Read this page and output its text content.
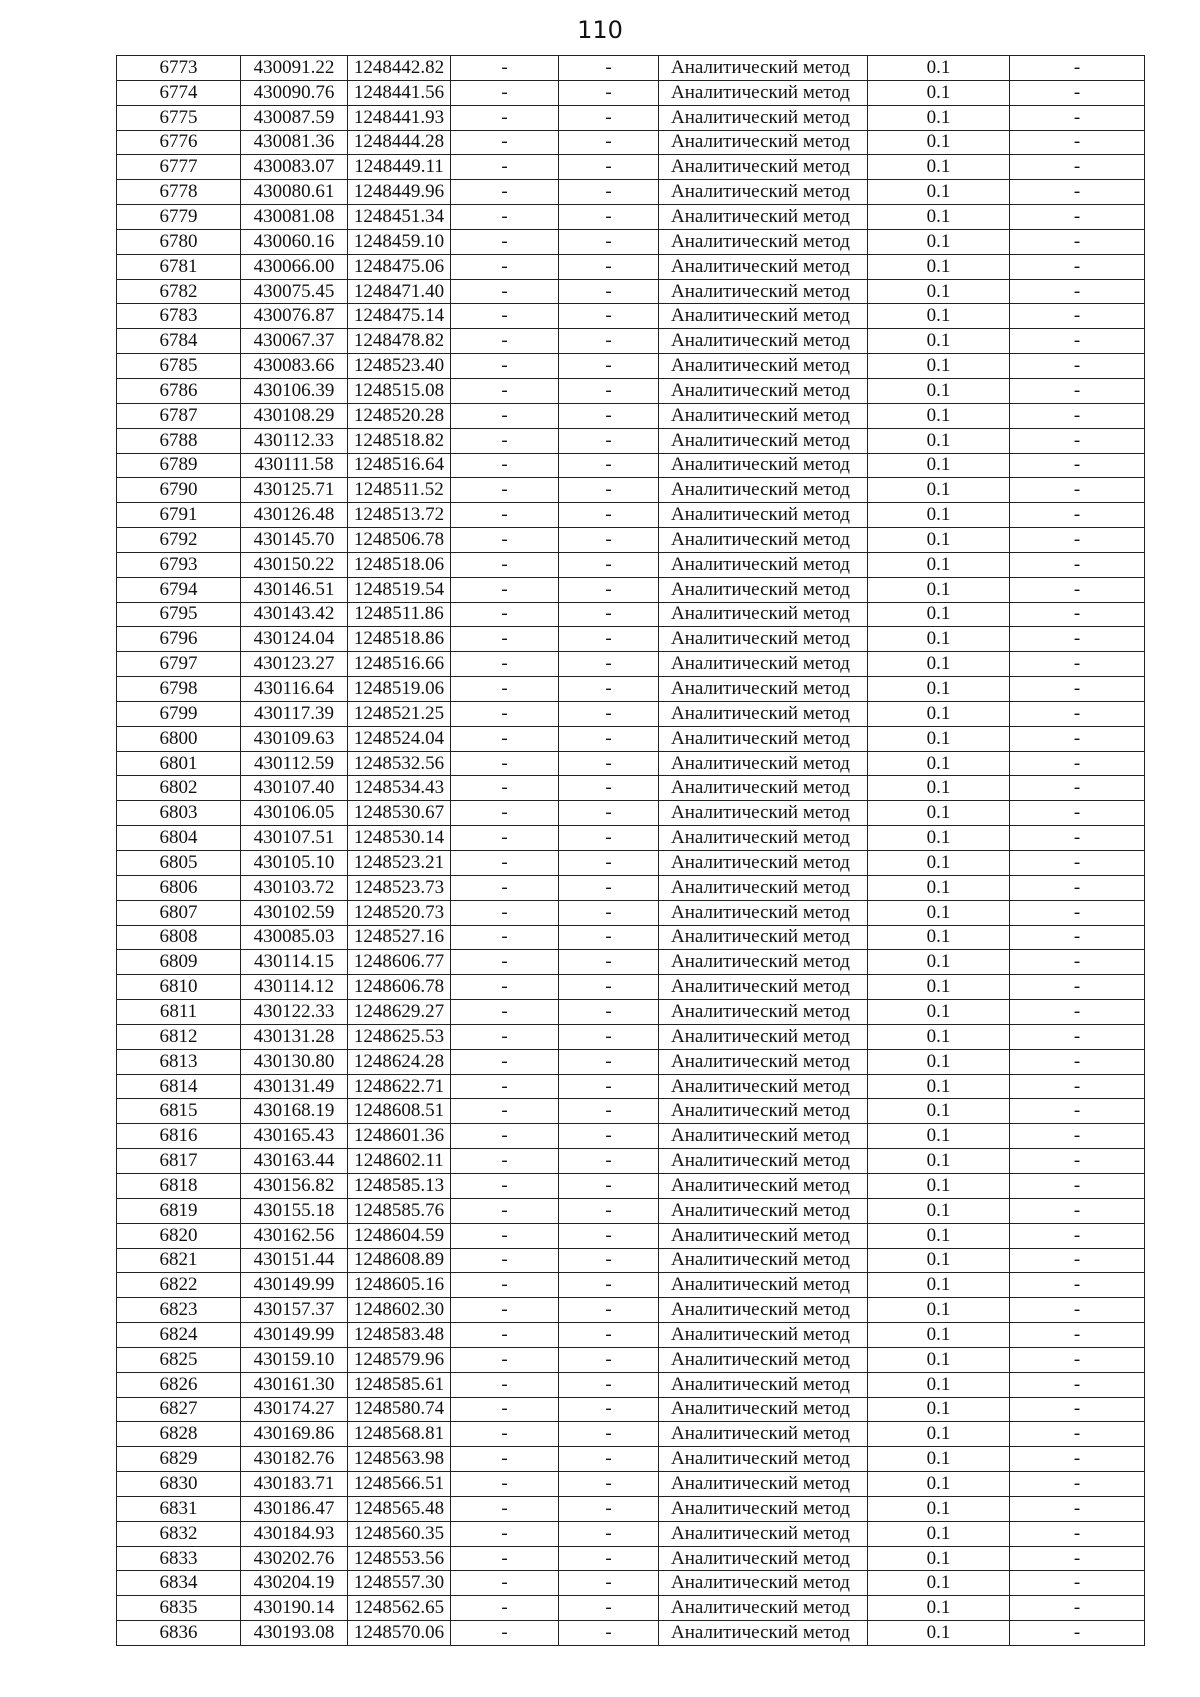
110
6773	430091.22	1248442.82	-	-	Аналитический метод	0.1	-
6774	430090.76	1248441.56	-	-	Аналитический метод	0.1	-
6775	430087.59	1248441.93	-	-	Аналитический метод	0.1	-
6776	430081.36	1248444.28	-	-	Аналитический метод	0.1	-
6777	430083.07	1248449.11	-	-	Аналитический метод	0.1	-
6778	430080.61	1248449.96	-	-	Аналитический метод	0.1	-
6779	430081.08	1248451.34	-	-	Аналитический метод	0.1	-
6780	430060.16	1248459.10	-	-	Аналитический метод	0.1	-
6781	430066.00	1248475.06	-	-	Аналитический метод	0.1	-
6782	430075.45	1248471.40	-	-	Аналитический метод	0.1	-
6783	430076.87	1248475.14	-	-	Аналитический метод	0.1	-
6784	430067.37	1248478.82	-	-	Аналитический метод	0.1	-
6785	430083.66	1248523.40	-	-	Аналитический метод	0.1	-
6786	430106.39	1248515.08	-	-	Аналитический метод	0.1	-
6787	430108.29	1248520.28	-	-	Аналитический метод	0.1	-
6788	430112.33	1248518.82	-	-	Аналитический метод	0.1	-
6789	430111.58	1248516.64	-	-	Аналитический метод	0.1	-
6790	430125.71	1248511.52	-	-	Аналитический метод	0.1	-
6791	430126.48	1248513.72	-	-	Аналитический метод	0.1	-
6792	430145.70	1248506.78	-	-	Аналитический метод	0.1	-
6793	430150.22	1248518.06	-	-	Аналитический метод	0.1	-
6794	430146.51	1248519.54	-	-	Аналитический метод	0.1	-
6795	430143.42	1248511.86	-	-	Аналитический метод	0.1	-
6796	430124.04	1248518.86	-	-	Аналитический метод	0.1	-
6797	430123.27	1248516.66	-	-	Аналитический метод	0.1	-
6798	430116.64	1248519.06	-	-	Аналитический метод	0.1	-
6799	430117.39	1248521.25	-	-	Аналитический метод	0.1	-
6800	430109.63	1248524.04	-	-	Аналитический метод	0.1	-
6801	430112.59	1248532.56	-	-	Аналитический метод	0.1	-
6802	430107.40	1248534.43	-	-	Аналитический метод	0.1	-
6803	430106.05	1248530.67	-	-	Аналитический метод	0.1	-
6804	430107.51	1248530.14	-	-	Аналитический метод	0.1	-
6805	430105.10	1248523.21	-	-	Аналитический метод	0.1	-
6806	430103.72	1248523.73	-	-	Аналитический метод	0.1	-
6807	430102.59	1248520.73	-	-	Аналитический метод	0.1	-
6808	430085.03	1248527.16	-	-	Аналитический метод	0.1	-
6809	430114.15	1248606.77	-	-	Аналитический метод	0.1	-
6810	430114.12	1248606.78	-	-	Аналитический метод	0.1	-
6811	430122.33	1248629.27	-	-	Аналитический метод	0.1	-
6812	430131.28	1248625.53	-	-	Аналитический метод	0.1	-
6813	430130.80	1248624.28	-	-	Аналитический метод	0.1	-
6814	430131.49	1248622.71	-	-	Аналитический метод	0.1	-
6815	430168.19	1248608.51	-	-	Аналитический метод	0.1	-
6816	430165.43	1248601.36	-	-	Аналитический метод	0.1	-
6817	430163.44	1248602.11	-	-	Аналитический метод	0.1	-
6818	430156.82	1248585.13	-	-	Аналитический метод	0.1	-
6819	430155.18	1248585.76	-	-	Аналитический метод	0.1	-
6820	430162.56	1248604.59	-	-	Аналитический метод	0.1	-
6821	430151.44	1248608.89	-	-	Аналитический метод	0.1	-
6822	430149.99	1248605.16	-	-	Аналитический метод	0.1	-
6823	430157.37	1248602.30	-	-	Аналитический метод	0.1	-
6824	430149.99	1248583.48	-	-	Аналитический метод	0.1	-
6825	430159.10	1248579.96	-	-	Аналитический метод	0.1	-
6826	430161.30	1248585.61	-	-	Аналитический метод	0.1	-
6827	430174.27	1248580.74	-	-	Аналитический метод	0.1	-
6828	430169.86	1248568.81	-	-	Аналитический метод	0.1	-
6829	430182.76	1248563.98	-	-	Аналитический метод	0.1	-
6830	430183.71	1248566.51	-	-	Аналитический метод	0.1	-
6831	430186.47	1248565.48	-	-	Аналитический метод	0.1	-
6832	430184.93	1248560.35	-	-	Аналитический метод	0.1	-
6833	430202.76	1248553.56	-	-	Аналитический метод	0.1	-
6834	430204.19	1248557.30	-	-	Аналитический метод	0.1	-
6835	430190.14	1248562.65	-	-	Аналитический метод	0.1	-
6836	430193.08	1248570.06	-	-	Аналитический метод	0.1	-
